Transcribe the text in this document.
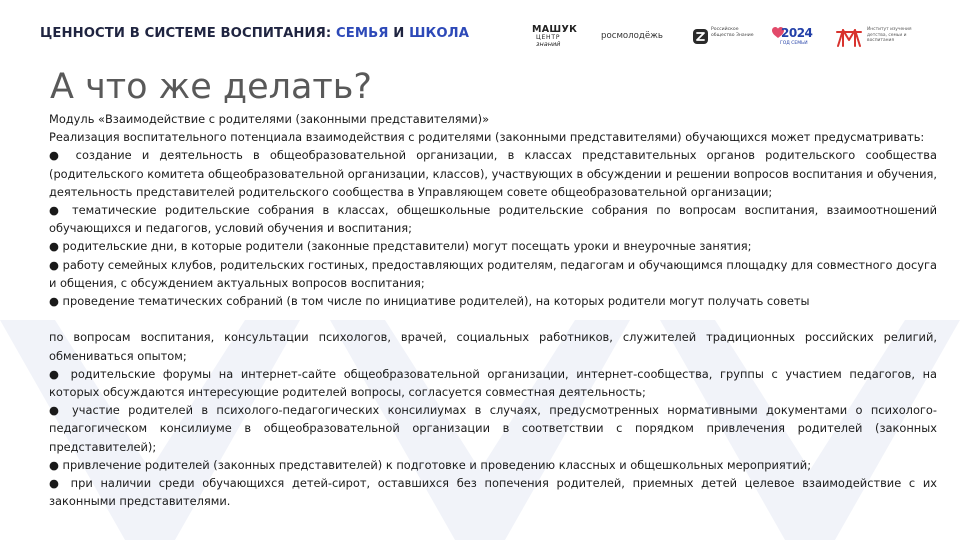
ЦЕННОСТИ В СИСТЕМЕ ВОСПИТАНИЯ: СЕМЬЯ И ШКОЛА	МАШУК
ЦЕНТР
знаний
росмолодёжь
Российское общество Знание 2024
ГОД СЕМЬИ
Институт изучения детства, семьи и воспитания
А что же делать?

Модуль «Взаимодействие с родителями (законными представителями)»

Реализация воспитательного потенциала взаимодействия с родителями (законными представителями) обучающихся может предусматривать:

● создание и деятельность в общеобразовательной организации, в классах представительных органов родительского сообщества (родительского комитета общеобразовательной организации, классов), участвующих в обсуждении и решении вопросов воспитания и обучения, деятельность представителей родительского сообщества в Управляющем совете общеобразовательной организации;

● тематические родительские собрания в классах, общешкольные родительские собрания по вопросам воспитания, взаимоотношений обучающихся и педагогов, условий обучения и воспитания;

● родительские дни, в которые родители (законные представители) могут посещать уроки и внеурочные занятия;

● работу семейных клубов, родительских гостиных, предоставляющих родителям, педагогам и обучающимся площадку для совместного досуга и общения, с обсуждением актуальных вопросов воспитания;

● проведение тематических собраний (в том числе по инициативе родителей), на которых родители могут получать советы

по вопросам воспитания, консультации психологов, врачей, социальных работников, служителей традиционных российских религий, обмениваться опытом;

● родительские форумы на интернет-сайте общеобразовательной организации, интернет-сообщества, группы с участием педагогов, на которых обсуждаются интересующие родителей вопросы, согласуется совместная деятельность;

● участие родителей в психолого-педагогических консилиумах в случаях, предусмотренных нормативными документами о психолого-педагогическом консилиуме в общеобразовательной организации в соответствии с порядком привлечения родителей (законных представителей);

● привлечение родителей (законных представителей) к подготовке и проведению классных и общешкольных мероприятий;

● при наличии среди обучающихся детей-сирот, оставшихся без попечения родителей, приемных детей целевое взаимодействие с их законными представителями.
